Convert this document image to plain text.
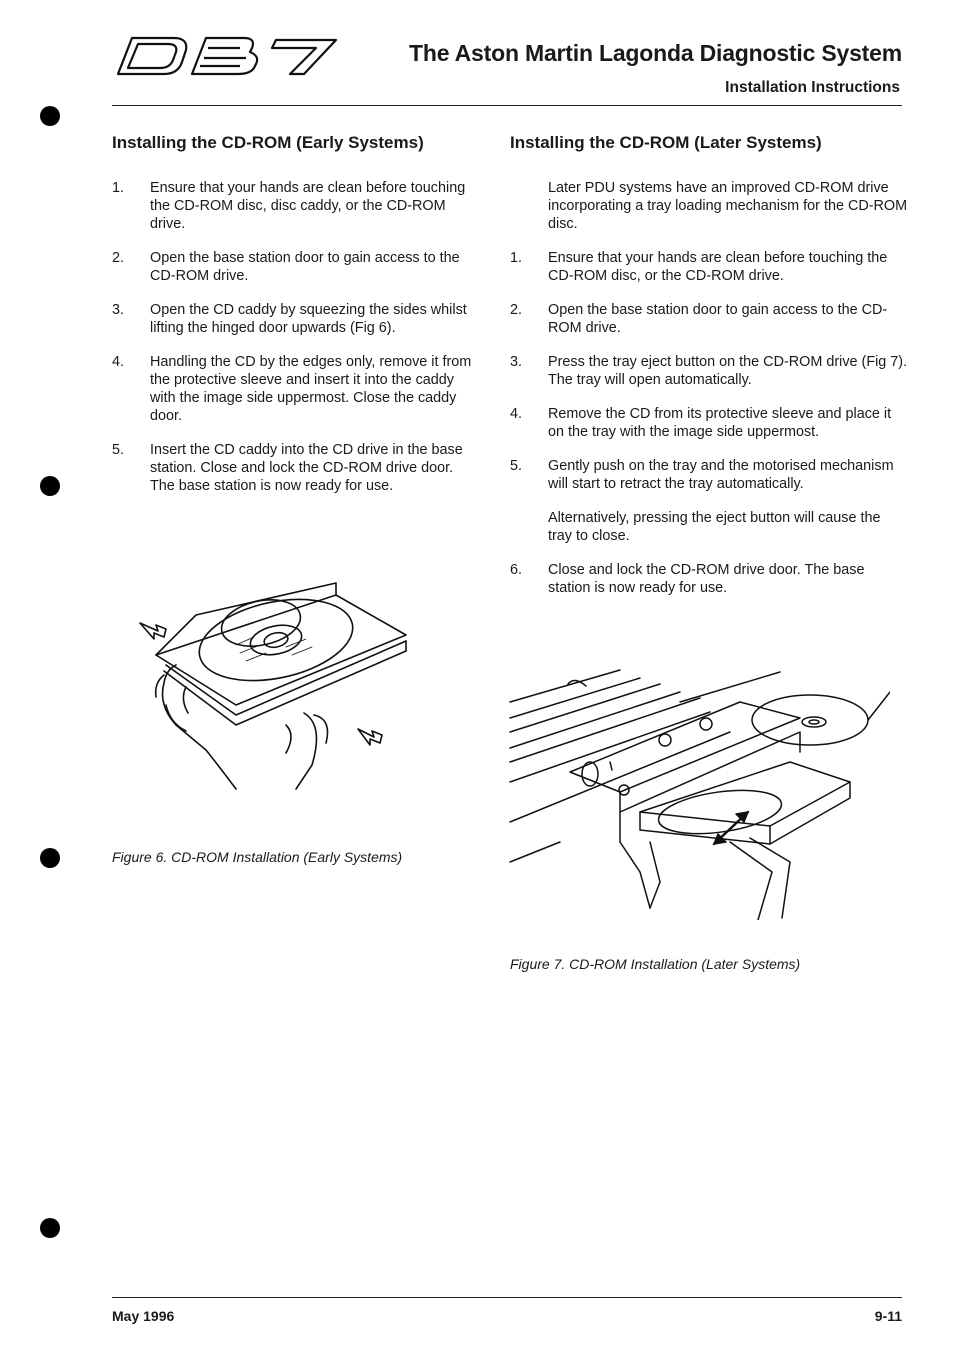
The Aston Martin Lagonda Diagnostic System
Installation Instructions
Installing the CD-ROM (Early Systems)
1. Ensure that your hands are clean before touching the CD-ROM disc, disc caddy, or the CD-ROM drive.
2. Open the base station door to gain access to the CD-ROM drive.
3. Open the CD caddy by squeezing the sides whilst lifting the hinged door upwards (Fig 6).
4. Handling the CD by the edges only, remove it from the protective sleeve and insert it into the caddy with the image side uppermost. Close the caddy door.
5. Insert the CD caddy into the CD drive in the base station. Close and lock the CD-ROM drive door. The base station is now ready for use.
Figure 6. CD-ROM Installation (Early Systems)
Installing the CD-ROM (Later Systems)

Later PDU systems have an improved CD-ROM drive incorporating a tray loading mechanism for the CD-ROM disc.

1. Ensure that your hands are clean before touching the CD-ROM disc, or the CD-ROM drive.
2. Open the base station door to gain access to the CD-ROM drive.
3. Press the tray eject button on the CD-ROM drive (Fig 7). The tray will open automatically.
4. Remove the CD from its protective sleeve and place it on the tray with the image side uppermost.
5. Gently push on the tray and the motorised mechanism will start to retract the tray automatically.
Alternatively, pressing the eject button will cause the tray to close.
6. Close and lock the CD-ROM drive door. The base station is now ready for use.
Figure 7. CD-ROM Installation (Later Systems)
May 1996	9-11
